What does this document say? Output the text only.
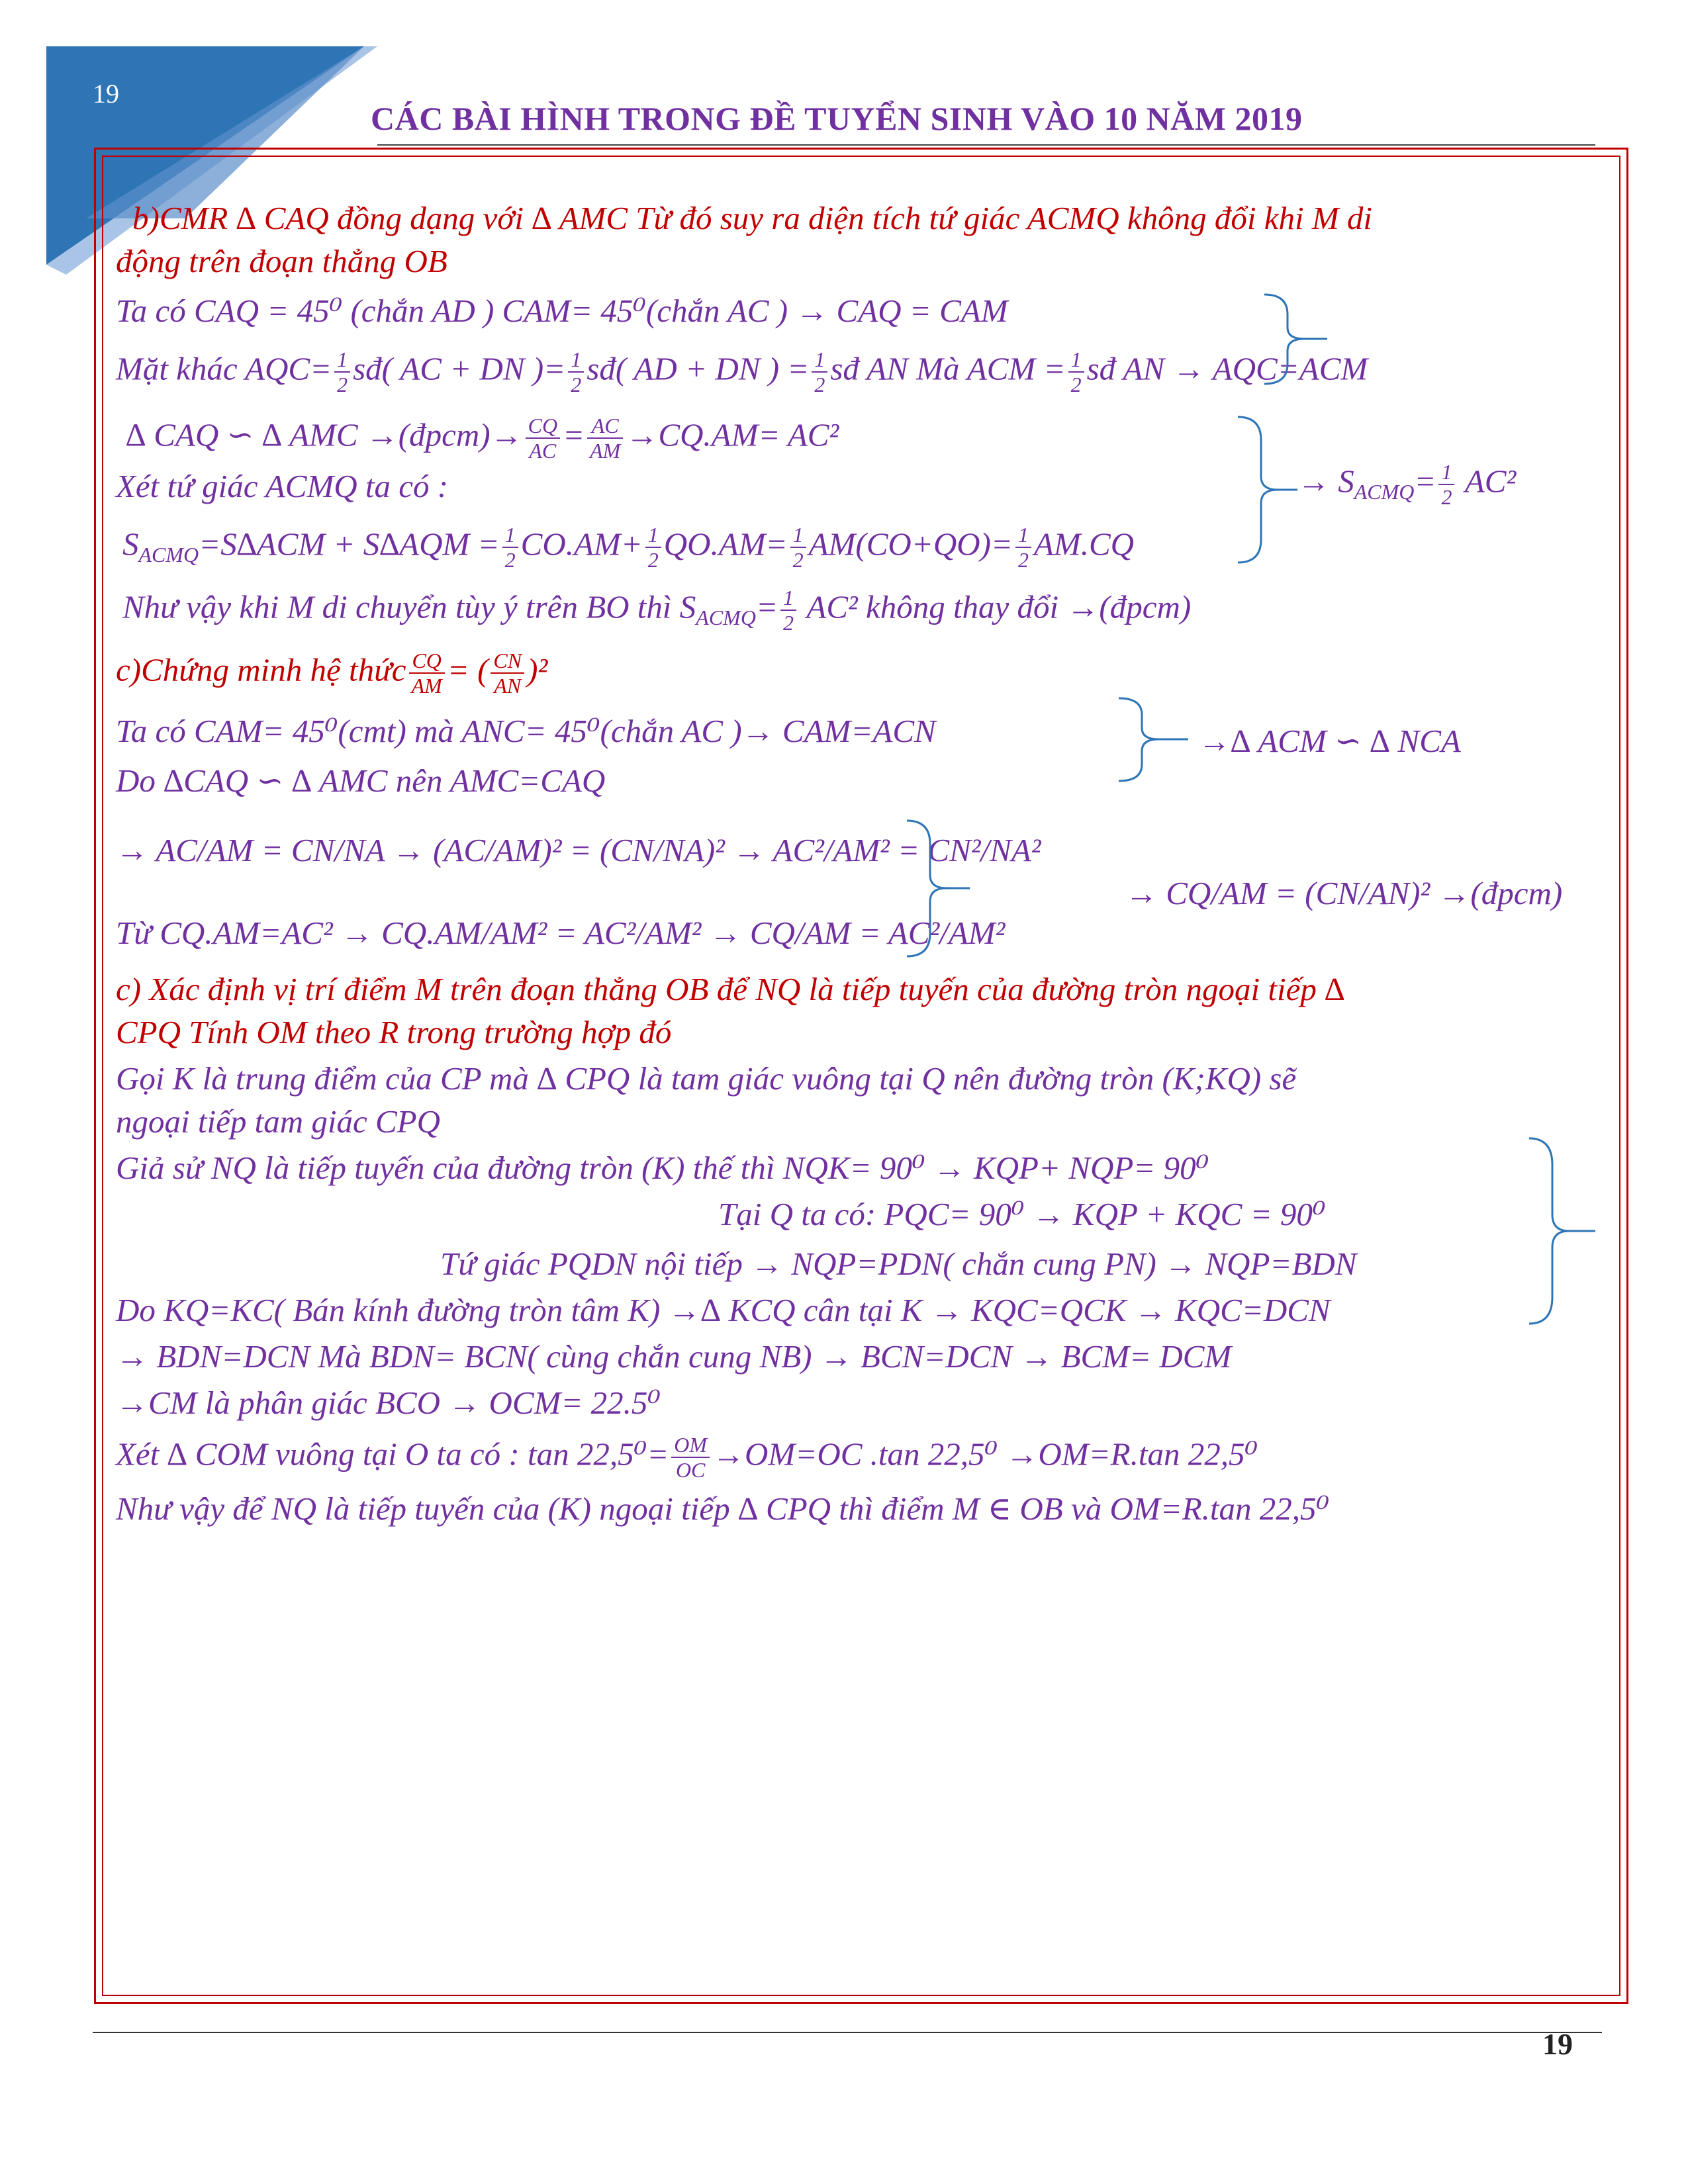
19
CÁC BÀI HÌNH TRONG ĐỀ TUYỂN SINH VÀO 10 NĂM 2019
b)CMR ∆ CAQ đồng dạng với ∆ AMC Từ đó suy ra diện tích tứ giác ACMQ không đổi khi M di
động trên đoạn thẳng OB
Ta có CAQ = 45⁰ (chắn AD ) CAM= 45⁰(chắn AC ) → CAQ = CAM
Mặt khác $AQC= \frac{1}{2}$ sđ( AC + DN )= $\frac{1}{2}$ sđ( AD + DN ) = $\frac{1}{2}$ sđ AN Mà ACM = $\frac{1}{2}$ sđ AN → AQC=ACM
∆ CAQ ∽ ∆ AMC →(đpcm)→ $\frac{CQ}{AC} = \frac{AC}{AM} \to CQ.AM= AC^2$
Xét tứ giác ACMQ ta có :	→ $S_{ACMQ}= \frac{1}{2} AC^2$
$S_{ACMQ}=S\Delta ACM + S\Delta AQM = \frac{1}{2} CO.AM+ \frac{1}{2} QO.AM= \frac{1}{2} AM(CO+QO)= \frac{1}{2} AM.CQ$
Như vậy khi M di chuyển tùy ý trên BO thì $S_{ACMQ}= \frac{1}{2} AC^2$ không thay đổi →(đpcm)
c)Chứng minh hệ thức $\frac{CQ}{AM}$ = ( $\frac{CN}{AN} )^2$
Ta có CAM= 45⁰(cmt) mà ANC= 45⁰(chắn AC )→ CAM=ACN	→∆ ACM ∽ ∆ NCA
Do ∆CAQ ∽ ∆ AMC nên AMC=CAQ
→ AC/AM = CN/NA → (AC/AM)² = (CN/NA)² → AC²/AM² = CN²/NA²
→ CQ/AM = (CN/AN)² →(đpcm)
Từ CQ.AM=AC² → CQ.AM/AM² = AC²/AM² → CQ/AM = AC²/AM²
c) Xác định vị trí điểm M trên đoạn thẳng OB để NQ là tiếp tuyến của đường tròn ngoại tiếp ∆
CPQ Tính OM theo R trong trường hợp đó
Gọi K là trung điểm của CP mà ∆ CPQ là tam giác vuông tại Q nên đường tròn (K;KQ) sẽ
ngoại tiếp tam giác CPQ
Giả sử NQ là tiếp tuyến của đường tròn (K) thế thì NQK= 90⁰ → KQP+ NQP= 90⁰
Tại Q ta có: PQC= 90⁰ → KQP + KQC = 90⁰
Tứ giác PQDN nội tiếp → NQP=PDN( chắn cung PN) → NQP=BDN
Do KQ=KC( Bán kính đường tròn tâm K) →∆ KCQ cân tại K → KQC=QCK → KQC=DCN
→ BDN=DCN Mà BDN= BCN( cùng chắn cung NB) → BCN=DCN → BCM= DCM
→CM là phân giác BCO → OCM= 22.5⁰
Xét ∆ COM vuông tại O ta có : $\tan 22,5^0= \frac{OM}{OC} \to OM=OC$ .tan 22,5⁰ →OM=R.tan 22,5⁰
Như vậy để NQ là tiếp tuyến của (K) ngoại tiếp ∆ CPQ thì điểm M ∈ OB và OM=R.tan 22,5⁰
19
